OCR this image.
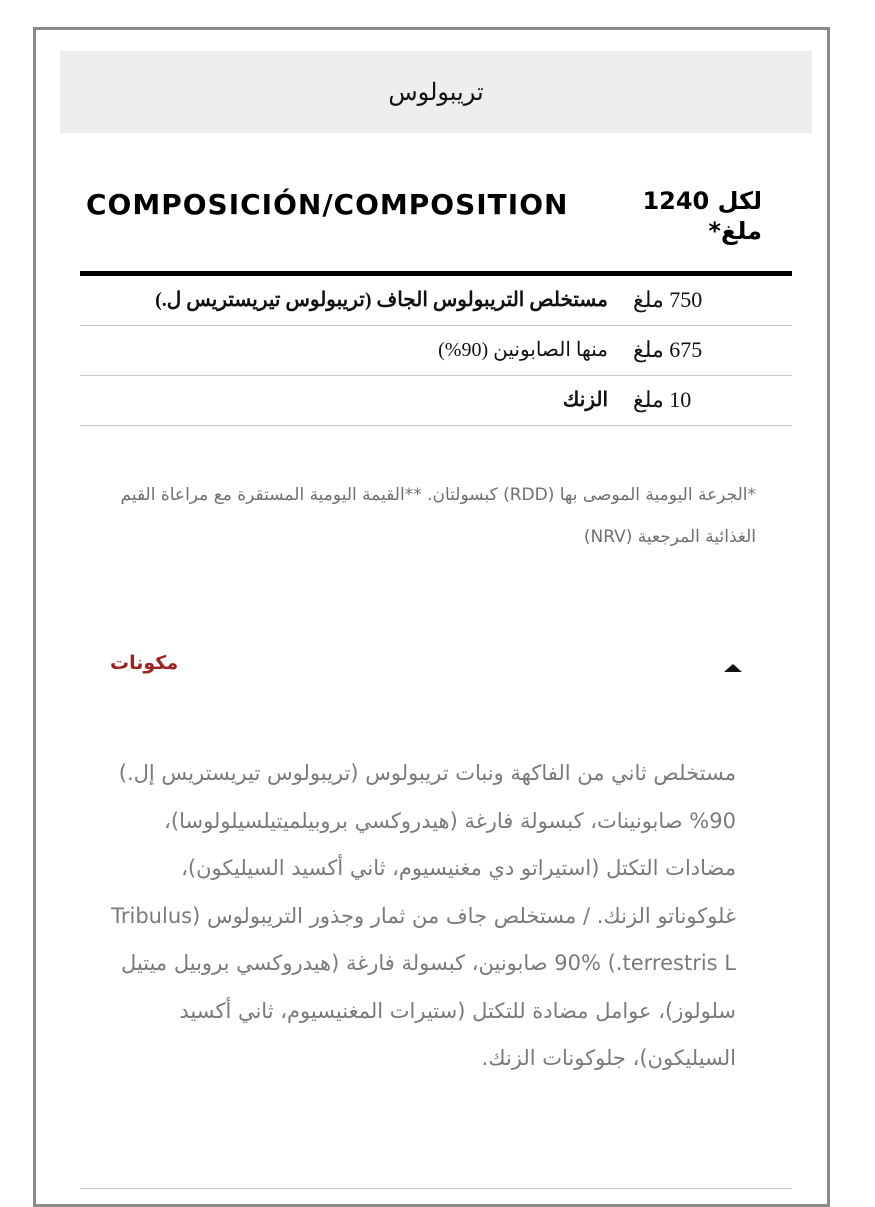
تريبولوس
COMPOSICIÓN/COMPOSITION	لكل 1240 ملغ*
مستخلص التريبولوس الجاف (تريبولوس تيريستريس ل.) 750 ملغ
منها الصابونين (90%) 675 ملغ
الزنك 10 ملغ
*الجرعة اليومية الموصى بها (RDD) كبسولتان. **القيمة اليومية المستقرة مع مراعاة القيم الغذائية المرجعية (NRV)
مكونات
مستخلص ثاني من الفاكهة ونبات تريبولوس (تريبولوس تيريستريس إل.) 90% صابونينات، كبسولة فارغة (هيدروكسي بروبيلميتيلسيلولوسا)، مضادات التكتل (استيراتو دي مغنيسيوم، ثاني أكسيد السيليكون)، غلوكوناتو الزنك. / مستخلص جاف من ثمار وجذور التريبولوس (Tribulus terrestris L.) 90% صابونين، كبسولة فارغة (هيدروكسي بروبيل ميتيل سلولوز)، عوامل مضادة للتكتل (ستيرات المغنيسيوم، ثاني أكسيد السيليكون)، جلوكونات الزنك.
